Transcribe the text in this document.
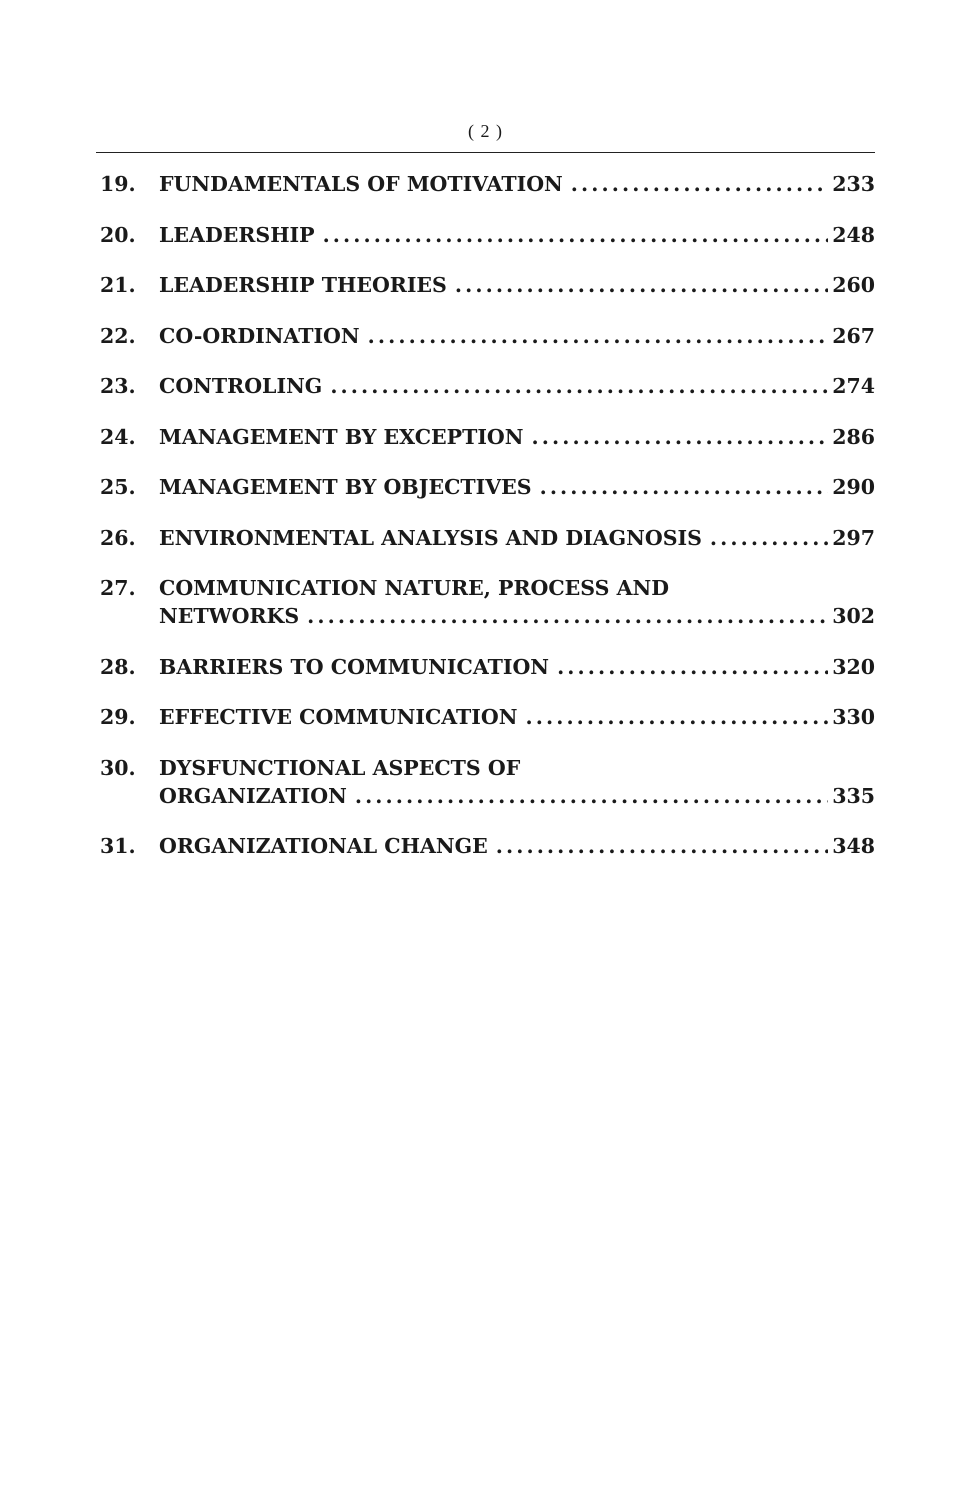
( 2 )
19.	FUNDAMENTALS OF MOTIVATION .....	233
20.	LEADERSHIP .....	248
21.	LEADERSHIP THEORIES .....	260
22.	CO-ORDINATION .....	267
23.	CONTROLING .....	274
24.	MANAGEMENT BY EXCEPTION .....	286
25.	MANAGEMENT BY OBJECTIVES .....	290
26.	ENVIRONMENTAL ANALYSIS AND DIAGNOSIS .....	297
27.	COMMUNICATION NATURE, PROCESS AND
NETWORKS .....	302
28.	BARRIERS TO COMMUNICATION .....	320
29.	EFFECTIVE COMMUNICATION .....	330
30.	DYSFUNCTIONAL ASPECTS OF
ORGANIZATION .....	335
31.	ORGANIZATIONAL CHANGE .....	348
